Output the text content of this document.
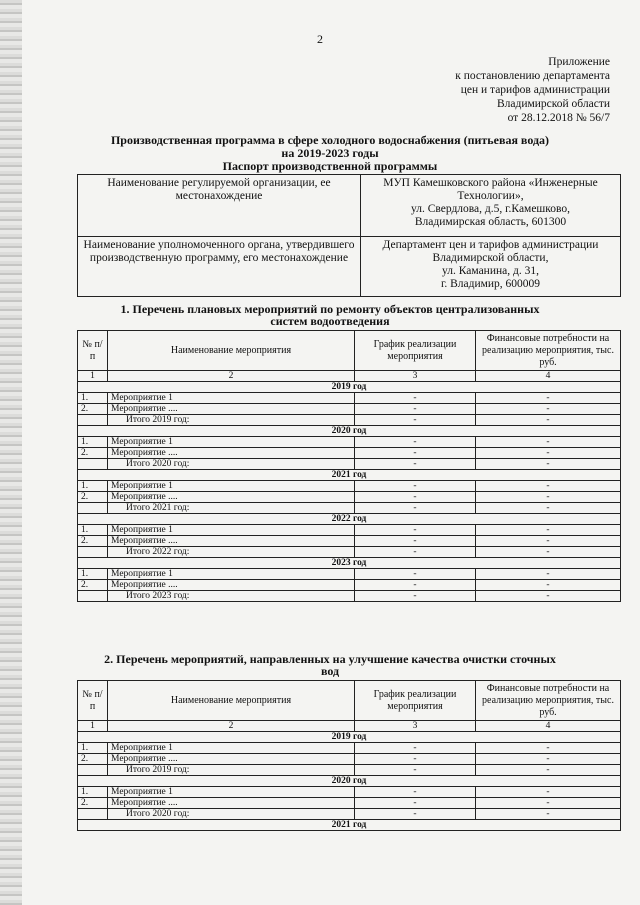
2
Приложение
к постановлению департамента
цен и тарифов администрации
Владимирской области
от 28.12.2018 № 56/7
Производственная программа в сфере холодного водоснабжения (питьевая вода)
на 2019-2023 годы
Паспорт производственной программы
Наименование регулируемой организации, ее местонахождение	МУП Камешковского района «Инженерные Технологии»,
ул. Свердлова, д.5, г.Камешково,
Владимирская область, 601300

Наименование уполномоченного органа, утвердившего производственную программу, его местонахождение	Департамент цен и тарифов администрации Владимирской области,
ул. Каманина, д. 31,
г. Владимир, 600009
1. Перечень плановых мероприятий по ремонту объектов централизованных
систем водоотведения
№ п/п	Наименование мероприятия	График реализации мероприятия	Финансовые потребности на реализацию мероприятия, тыс. руб.
1	2	3	4
2019 год			
1.	Мероприятие 1	-	-
2.	Мероприятие ....	-	-
	Итого 2019 год:	-	-
2020 год			
1.	Мероприятие 1	-	-
2.	Мероприятие ....	-	-
	Итого 2020 год:	-	-
2021 год			
1.	Мероприятие 1	-	-
2.	Мероприятие ....	-	-
	Итого 2021 год:	-	-
2022 год			
1.	Мероприятие 1	-	-
2.	Мероприятие ....	-	-
	Итого 2022 год:	-	-
2023 год			
1.	Мероприятие 1	-	-
2.	Мероприятие ....	-	-
	Итого 2023 год:	-	-
2. Перечень мероприятий, направленных на улучшение качества очистки сточных
вод
№ п/п	Наименование мероприятия	График реализации мероприятия	Финансовые потребности на реализацию мероприятия, тыс. руб.
1	2	3	4
2019 год			
1.	Мероприятие 1	-	-
2.	Мероприятие ....	-	-
	Итого 2019 год:	-	-
2020 год			
1.	Мероприятие 1	-	-
2.	Мероприятие ....	-	-
	Итого 2020 год:	-	-
2021 год			
